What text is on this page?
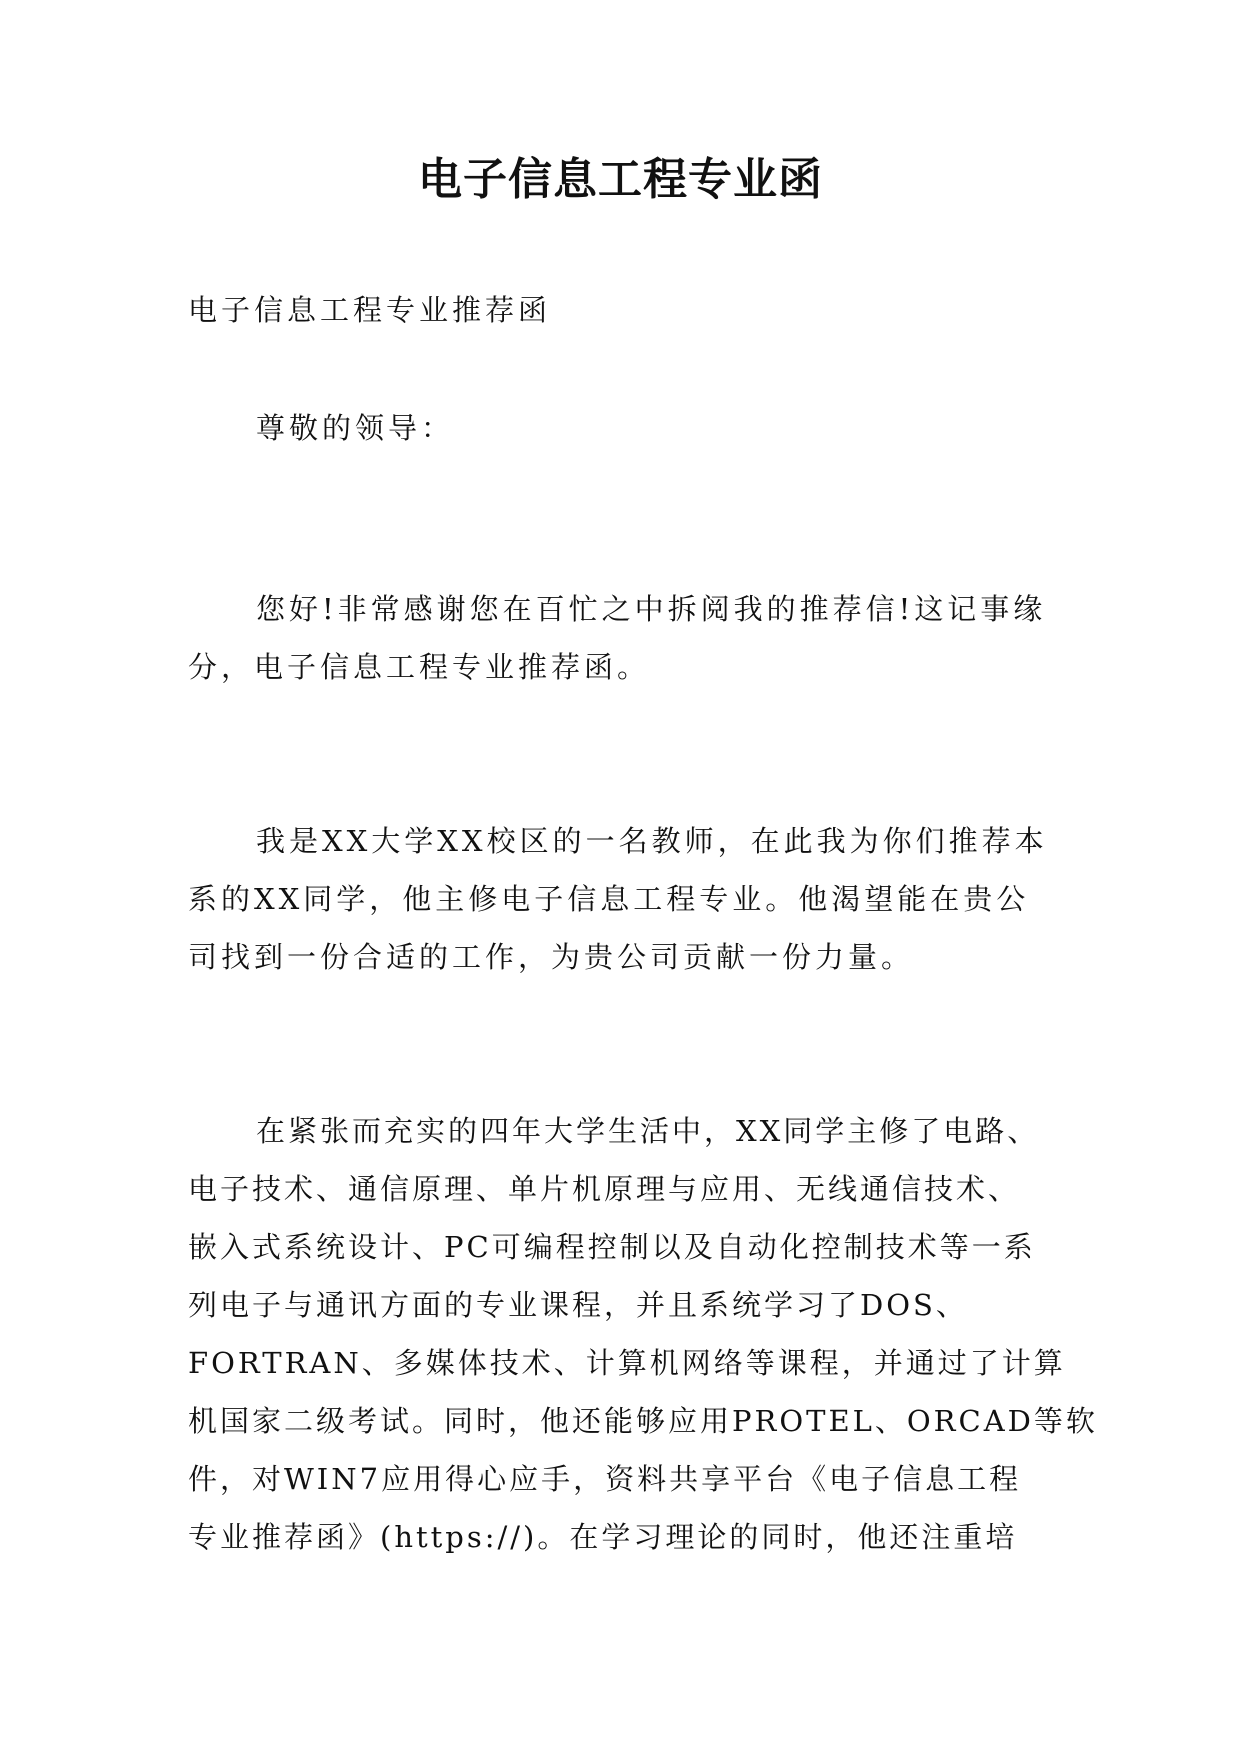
电子信息工程专业函

电子信息工程专业推荐函

尊敬的领导：

您好!非常感谢您在百忙之中拆阅我的推荐信!这记事缘
分，电子信息工程专业推荐函。
我是XX大学XX校区的一名教师，在此我为你们推荐本
系的XX同学，他主修电子信息工程专业。他渴望能在贵公
司找到一份合适的工作，为贵公司贡献一份力量。
在紧张而充实的四年大学生活中，XX同学主修了电路、
电子技术、通信原理、单片机原理与应用、无线通信技术、
嵌入式系统设计、PC可编程控制以及自动化控制技术等一系
列电子与通讯方面的专业课程，并且系统学习了DOS、
FORTRAN、多媒体技术、计算机网络等课程，并通过了计算
机国家二级考试。同时，他还能够应用PROTEL、ORCAD等软
件，对WIN7应用得心应手，资料共享平台《电子信息工程
专业推荐函》(https://)。在学习理论的同时，他还注重培
